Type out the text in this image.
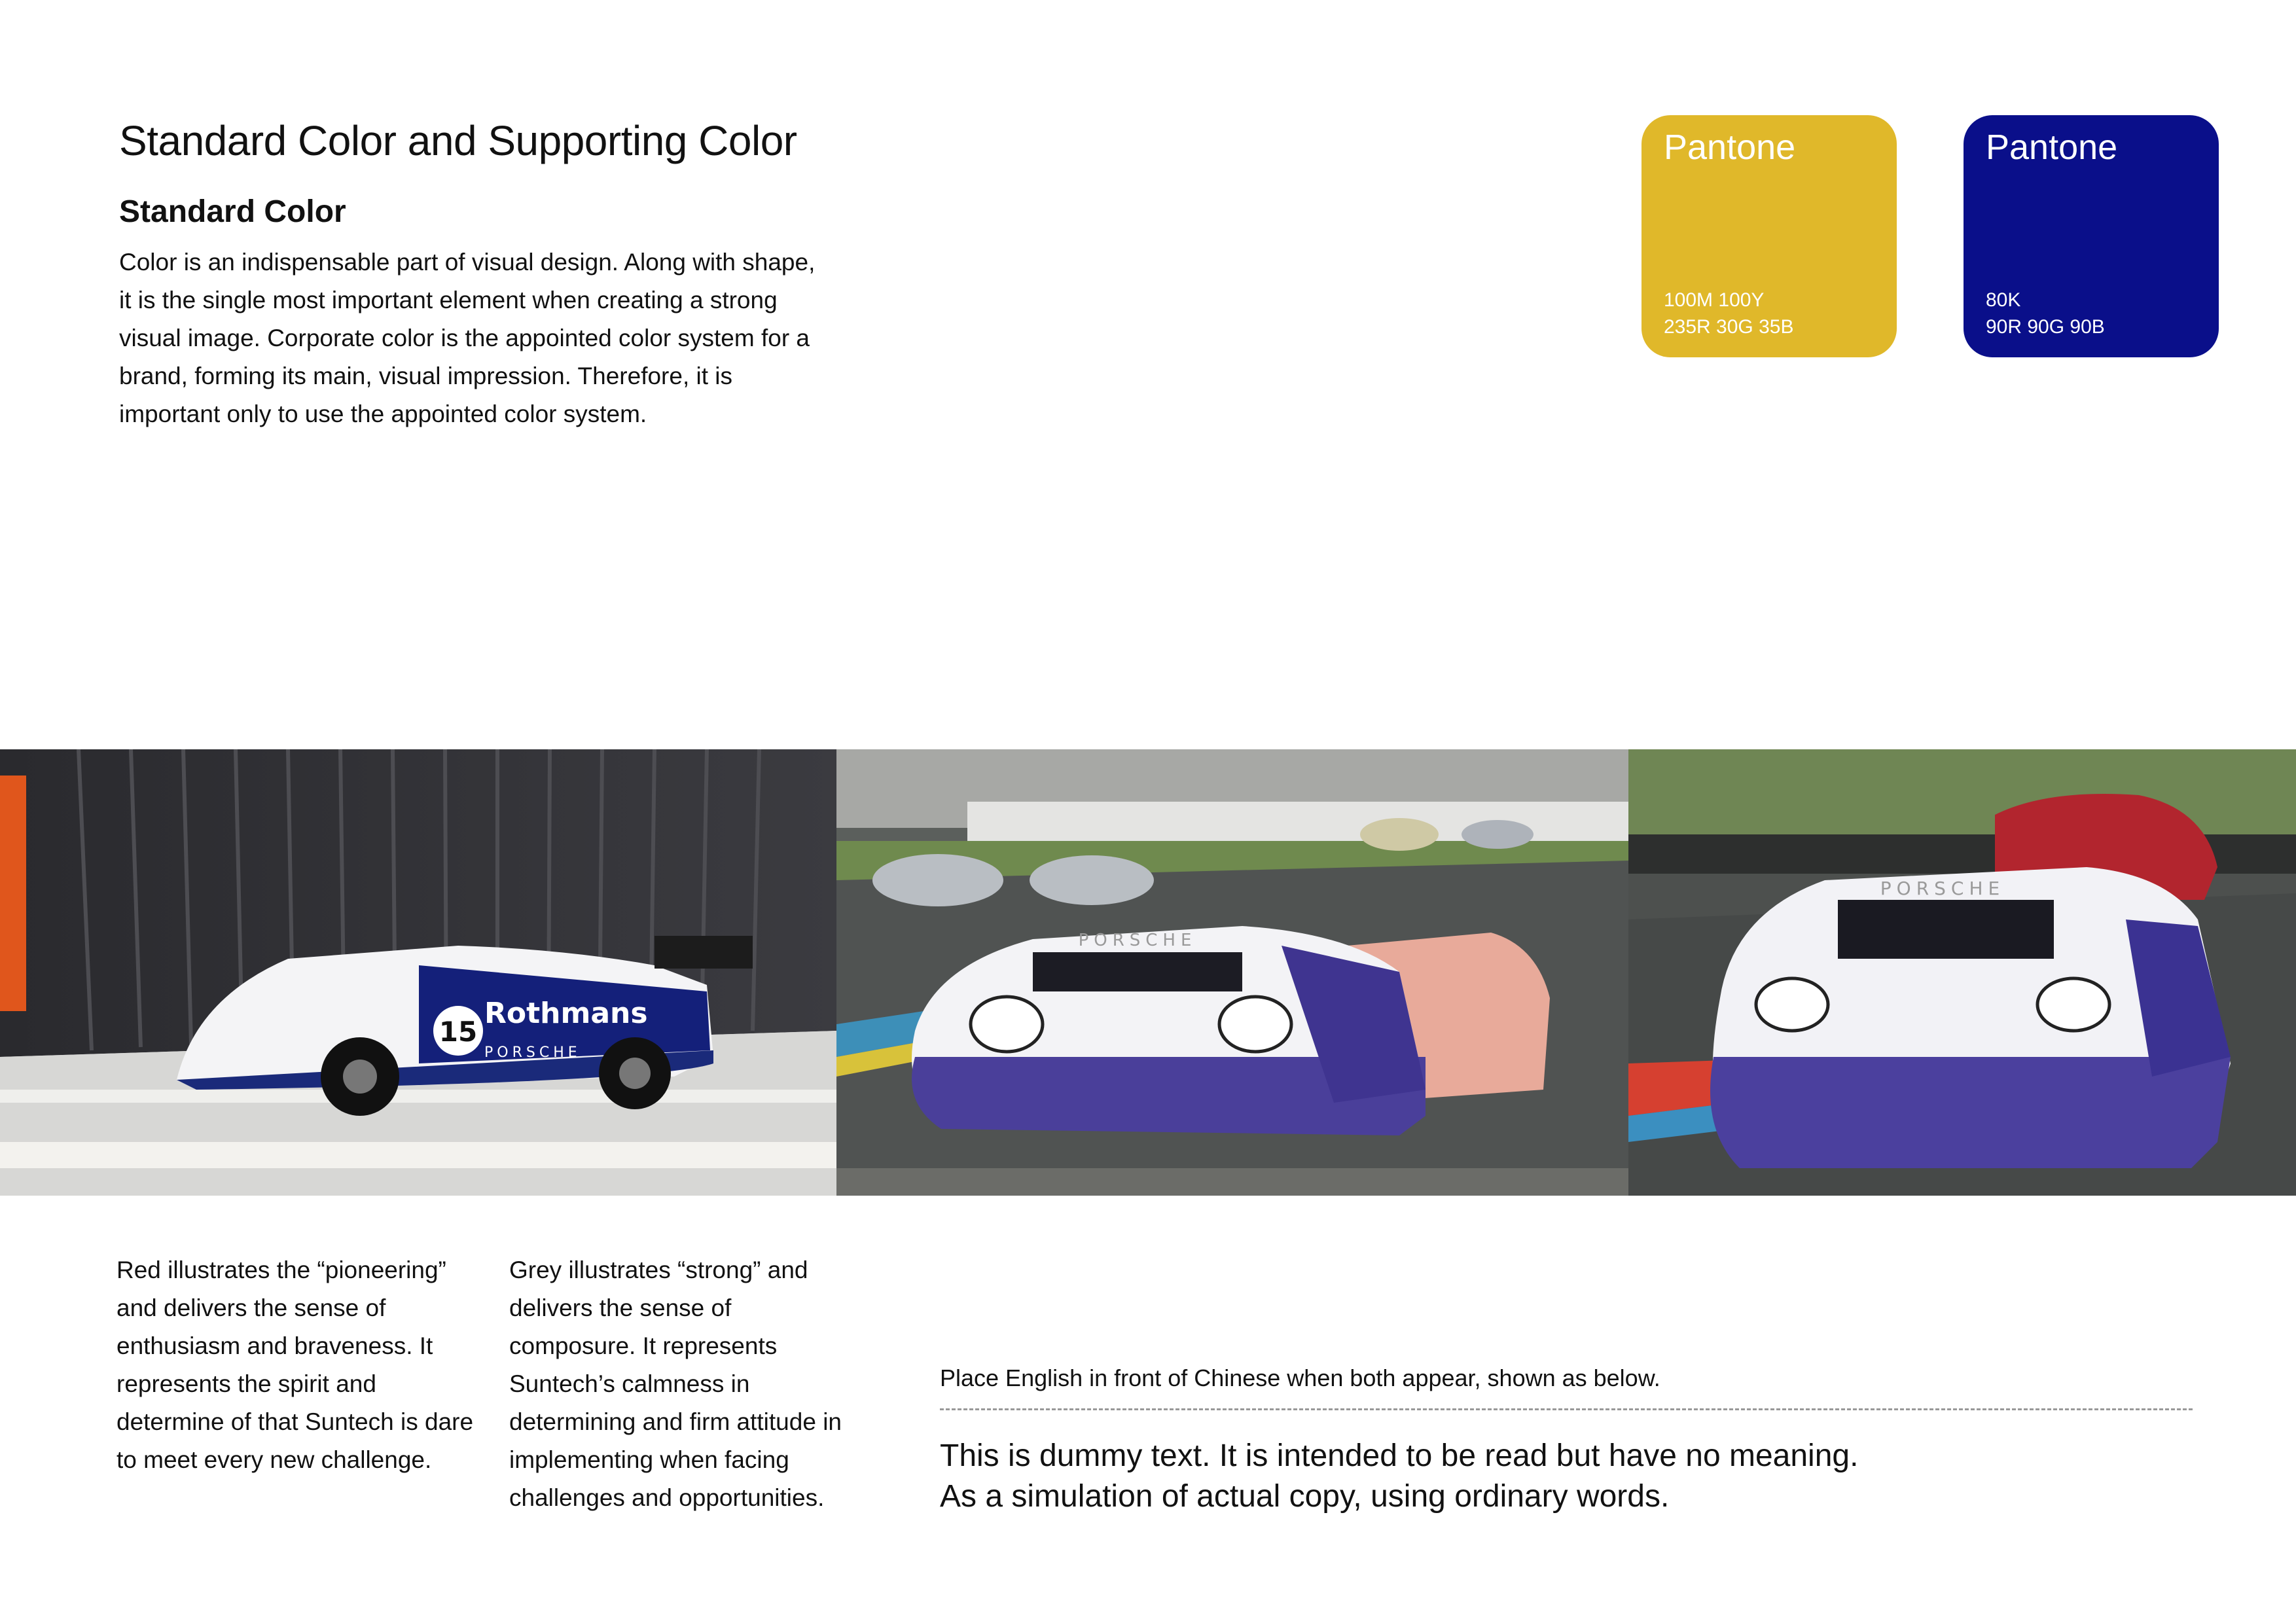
Standard Color and Supporting Color
Standard Color

Color is an indispensable part of visual design. Along with shape, it is the single most important element when creating a strong visual image. Corporate color is the appointed color system for a brand, forming its main, visual impression. Therefore, it is important only to use the appointed color system.

Pantone
100M 100Y
235R 30G 35B
Pantone
80K
90R 90G 90B
15
Rothmans
PORSCHE
PORSCHE
PORSCHE

Red illustrates the “pioneering” and delivers the sense of enthusiasm and braveness. It represents the spirit and determine of that Suntech is dare to meet every new challenge.

Grey illustrates “strong” and delivers the sense of composure. It represents Suntech’s calmness in determining and firm attitude in implementing when facing challenges and opportunities.

Place English in front of Chinese when both appear, shown as below.

This is dummy text. It is intended to be read but have no meaning.
As a simulation of actual copy, using ordinary words.
